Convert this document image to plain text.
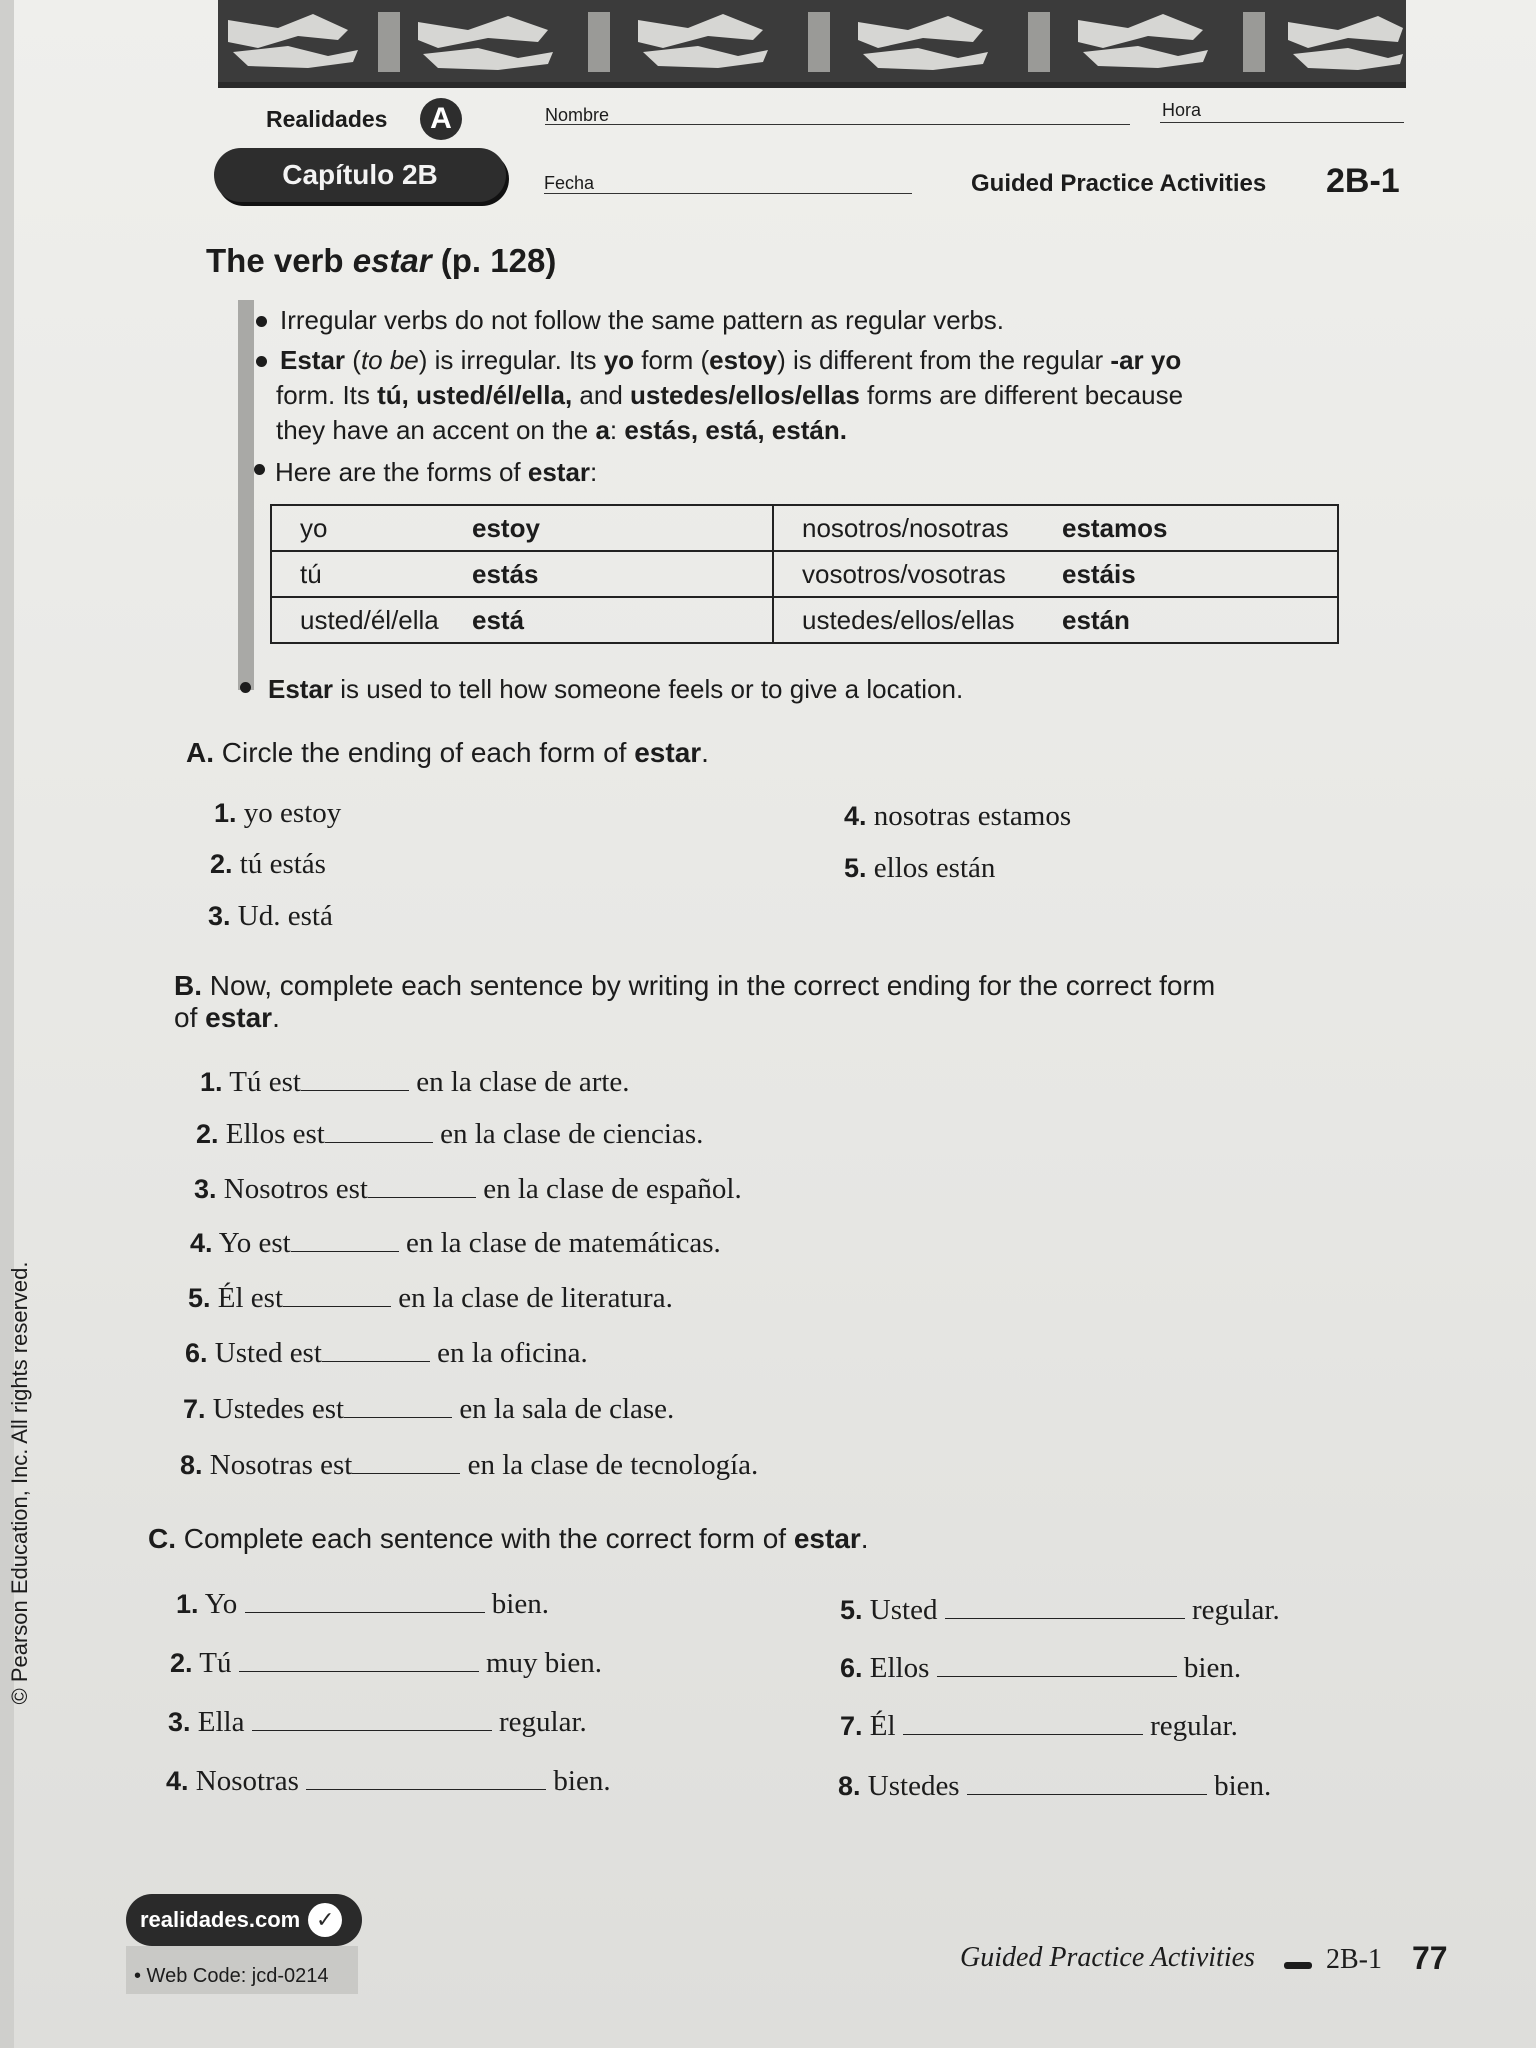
Realidades	A	Nombre	Hora
Capítulo 2B	Fecha	Guided Practice Activities 2B-1
The verb estar (p. 128)
Irregular verbs do not follow the same pattern as regular verbs.
Estar (to be) is irregular. Its yo form (estoy) is different from the regular -ar yo
form. Its tú, usted/él/ella, and ustedes/ellos/ellas forms are different because
they have an accent on the a: estás, está, están.
Here are the forms of estar:
yo	estoy	nosotros/nosotras	estamos
tú	estás	vosotros/vosotras	estáis
usted/él/ella	está	ustedes/ellos/ellas	están
Estar is used to tell how someone feels or to give a location.
A. Circle the ending of each form of estar.
1. yo estoy
2. tú estás
3. Ud. está
4. nosotras estamos
5. ellos están
B. Now, complete each sentence by writing in the correct ending for the correct form
of estar.
1. Tú est	en la clase de arte.
2. Ellos est	en la clase de ciencias.
3. Nosotros est	en la clase de español.
4. Yo est	en la clase de matemáticas.
5. Él est	en la clase de literatura.
6. Usted est	en la oficina.
7. Ustedes est	en la sala de clase.
8. Nosotras est	en la clase de tecnología.
C. Complete each sentence with the correct form of estar.
1. Yo	bien.
2. Tú	muy bien.
3. Ella	regular.
4. Nosotras	bien.
5. Usted	regular.
6. Ellos	bien.
7. Él	regular.
8. Ustedes	bien.
© Pearson Education, Inc. All rights reserved.
realidades.com ✓
• Web Code: jcd-0214
Guided Practice Activities	2B-1 77
